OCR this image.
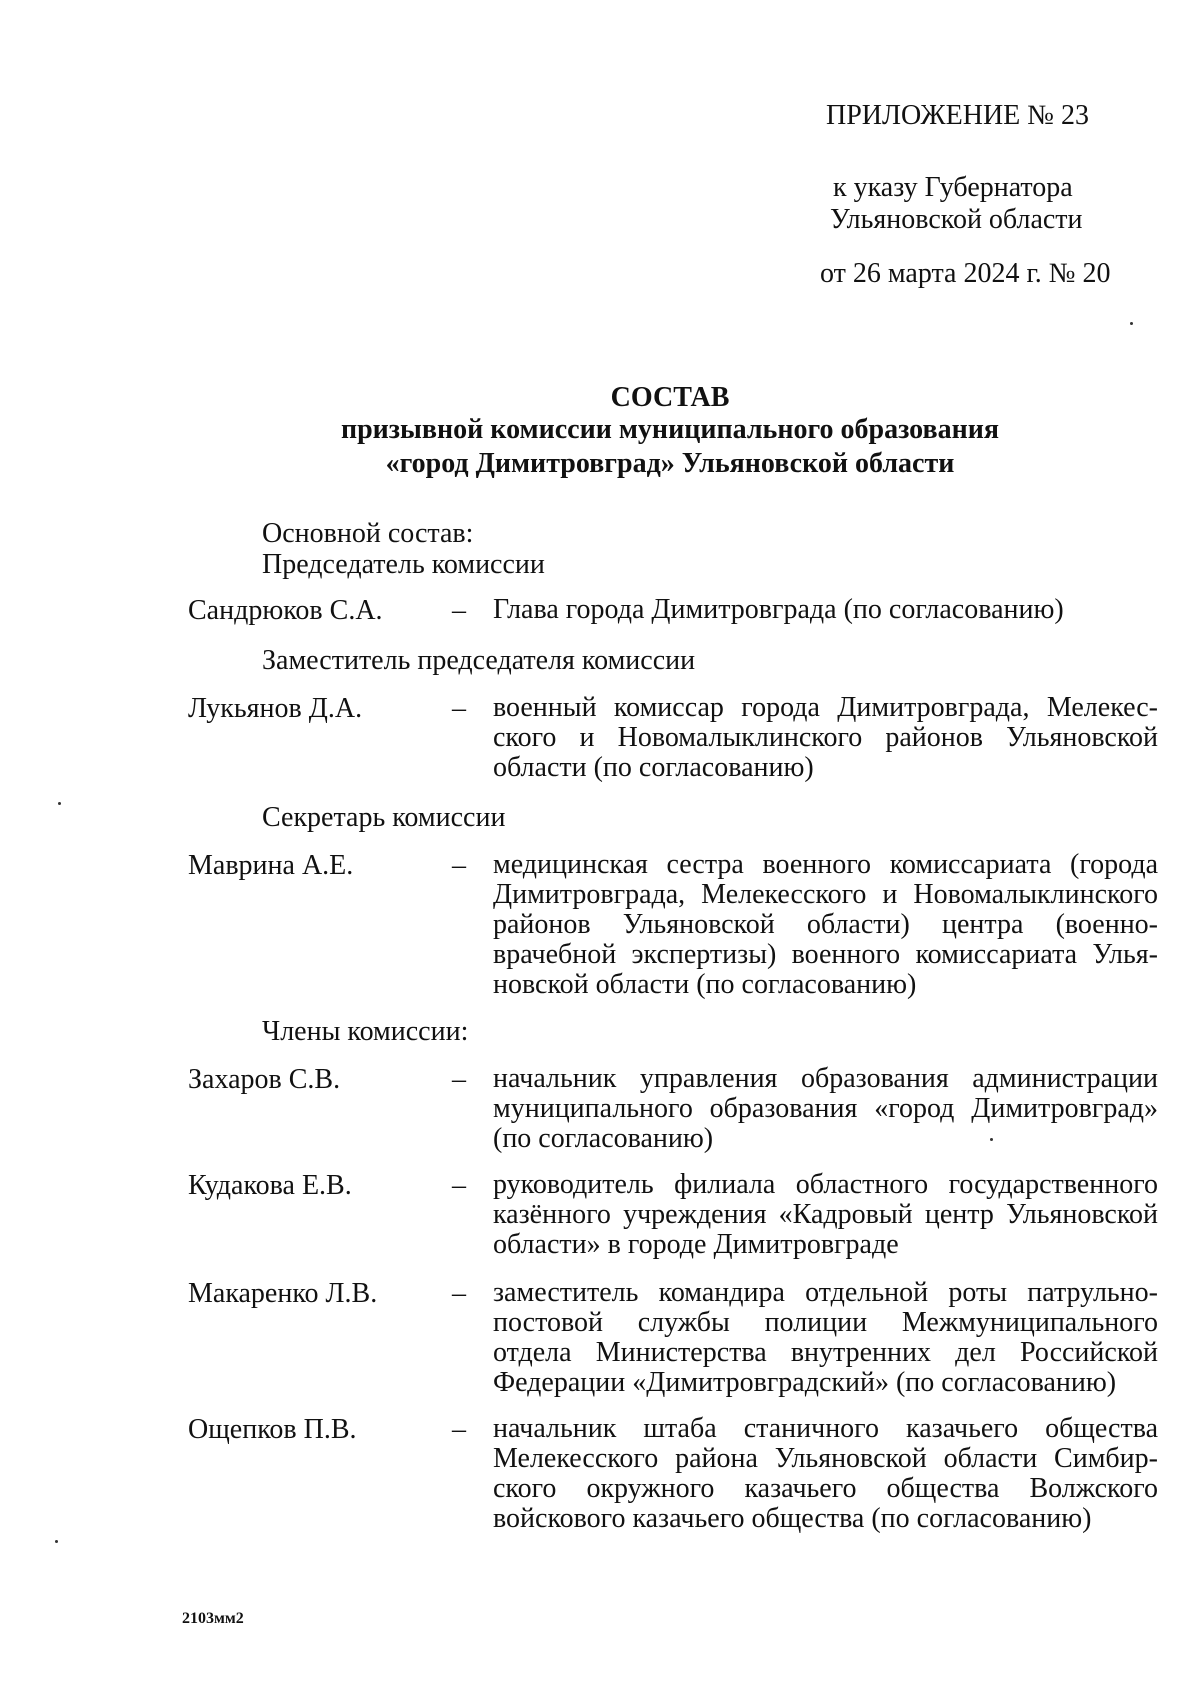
ПРИЛОЖЕНИЕ № 23
к указу Губернатора
Ульяновской области
от 26 марта 2024 г. № 20
СОСТАВ
призывной комиссии муниципального образования
«город Димитровград» Ульяновской области
Основной состав:
Председатель комиссии
Сандрюков С.А. – Глава города Димитровграда (по согласованию)
Заместитель председателя комиссии
Лукьянов Д.А.	– военный комиссар города Димитровграда, Мелекесского и Новомалыклинского районов Ульяновской области (по согласованию)
Секретарь комиссии
Маврина А.Е.	– медицинская сестра военного комиссариата (города Димитровграда, Мелекесского и Новомалыклинского районов Ульяновской области) центра (военно-врачебной экспертизы) военного комиссариата Ульяновской области (по согласованию)
Члены комиссии:
Захаров С.В.	– начальник управления образования администрации муниципального образования «город Димитровград» (по согласованию)
Кудакова Е.В.	– руководитель филиала областного государственного казённого учреждения «Кадровый центр Ульяновской области» в городе Димитровграде
Макаренко Л.В.	– заместитель командира отдельной роты патрульно-постовой службы полиции Межмуниципального отдела Министерства внутренних дел Российской Федерации «Димитровградский» (по согласованию)
Ощепков П.В.	– начальник штаба станичного казачьего общества Мелекесского района Ульяновской области Симбирского окружного казачьего общества Волжского войскового казачьего общества (по согласованию)
2103мм2
